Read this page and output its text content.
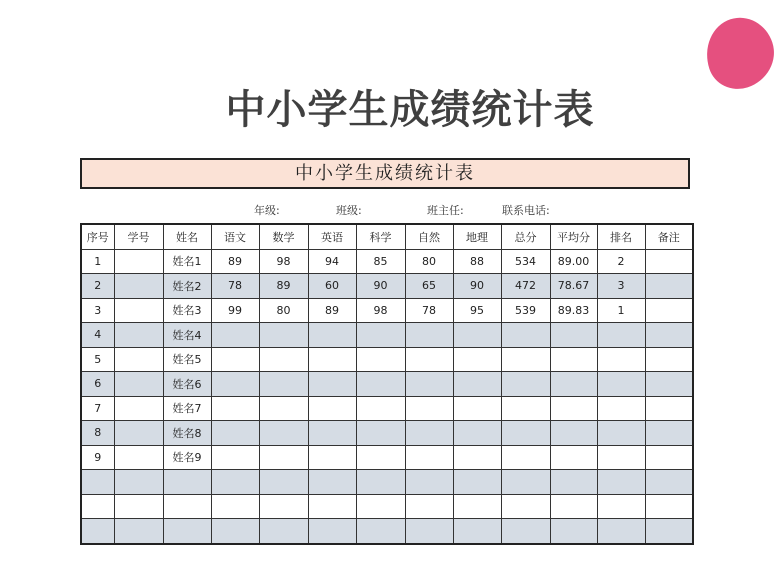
中小学生成绩统计表
中小学生成绩统计表
年级:	班级:	班主任:	联系电话:
序号	学号	姓名	语文	数学	英语	科学	自然	地理	总分	平均分	排名	备注
1		姓名1	89	98	94	85	80	88	534	89.00	2	
2		姓名2	78	89	60	90	65	90	472	78.67	3	
3		姓名3	99	80	89	98	78	95	539	89.83	1	
4		姓名4										
5		姓名5										
6		姓名6										
7		姓名7										
8		姓名8										
9		姓名9										
